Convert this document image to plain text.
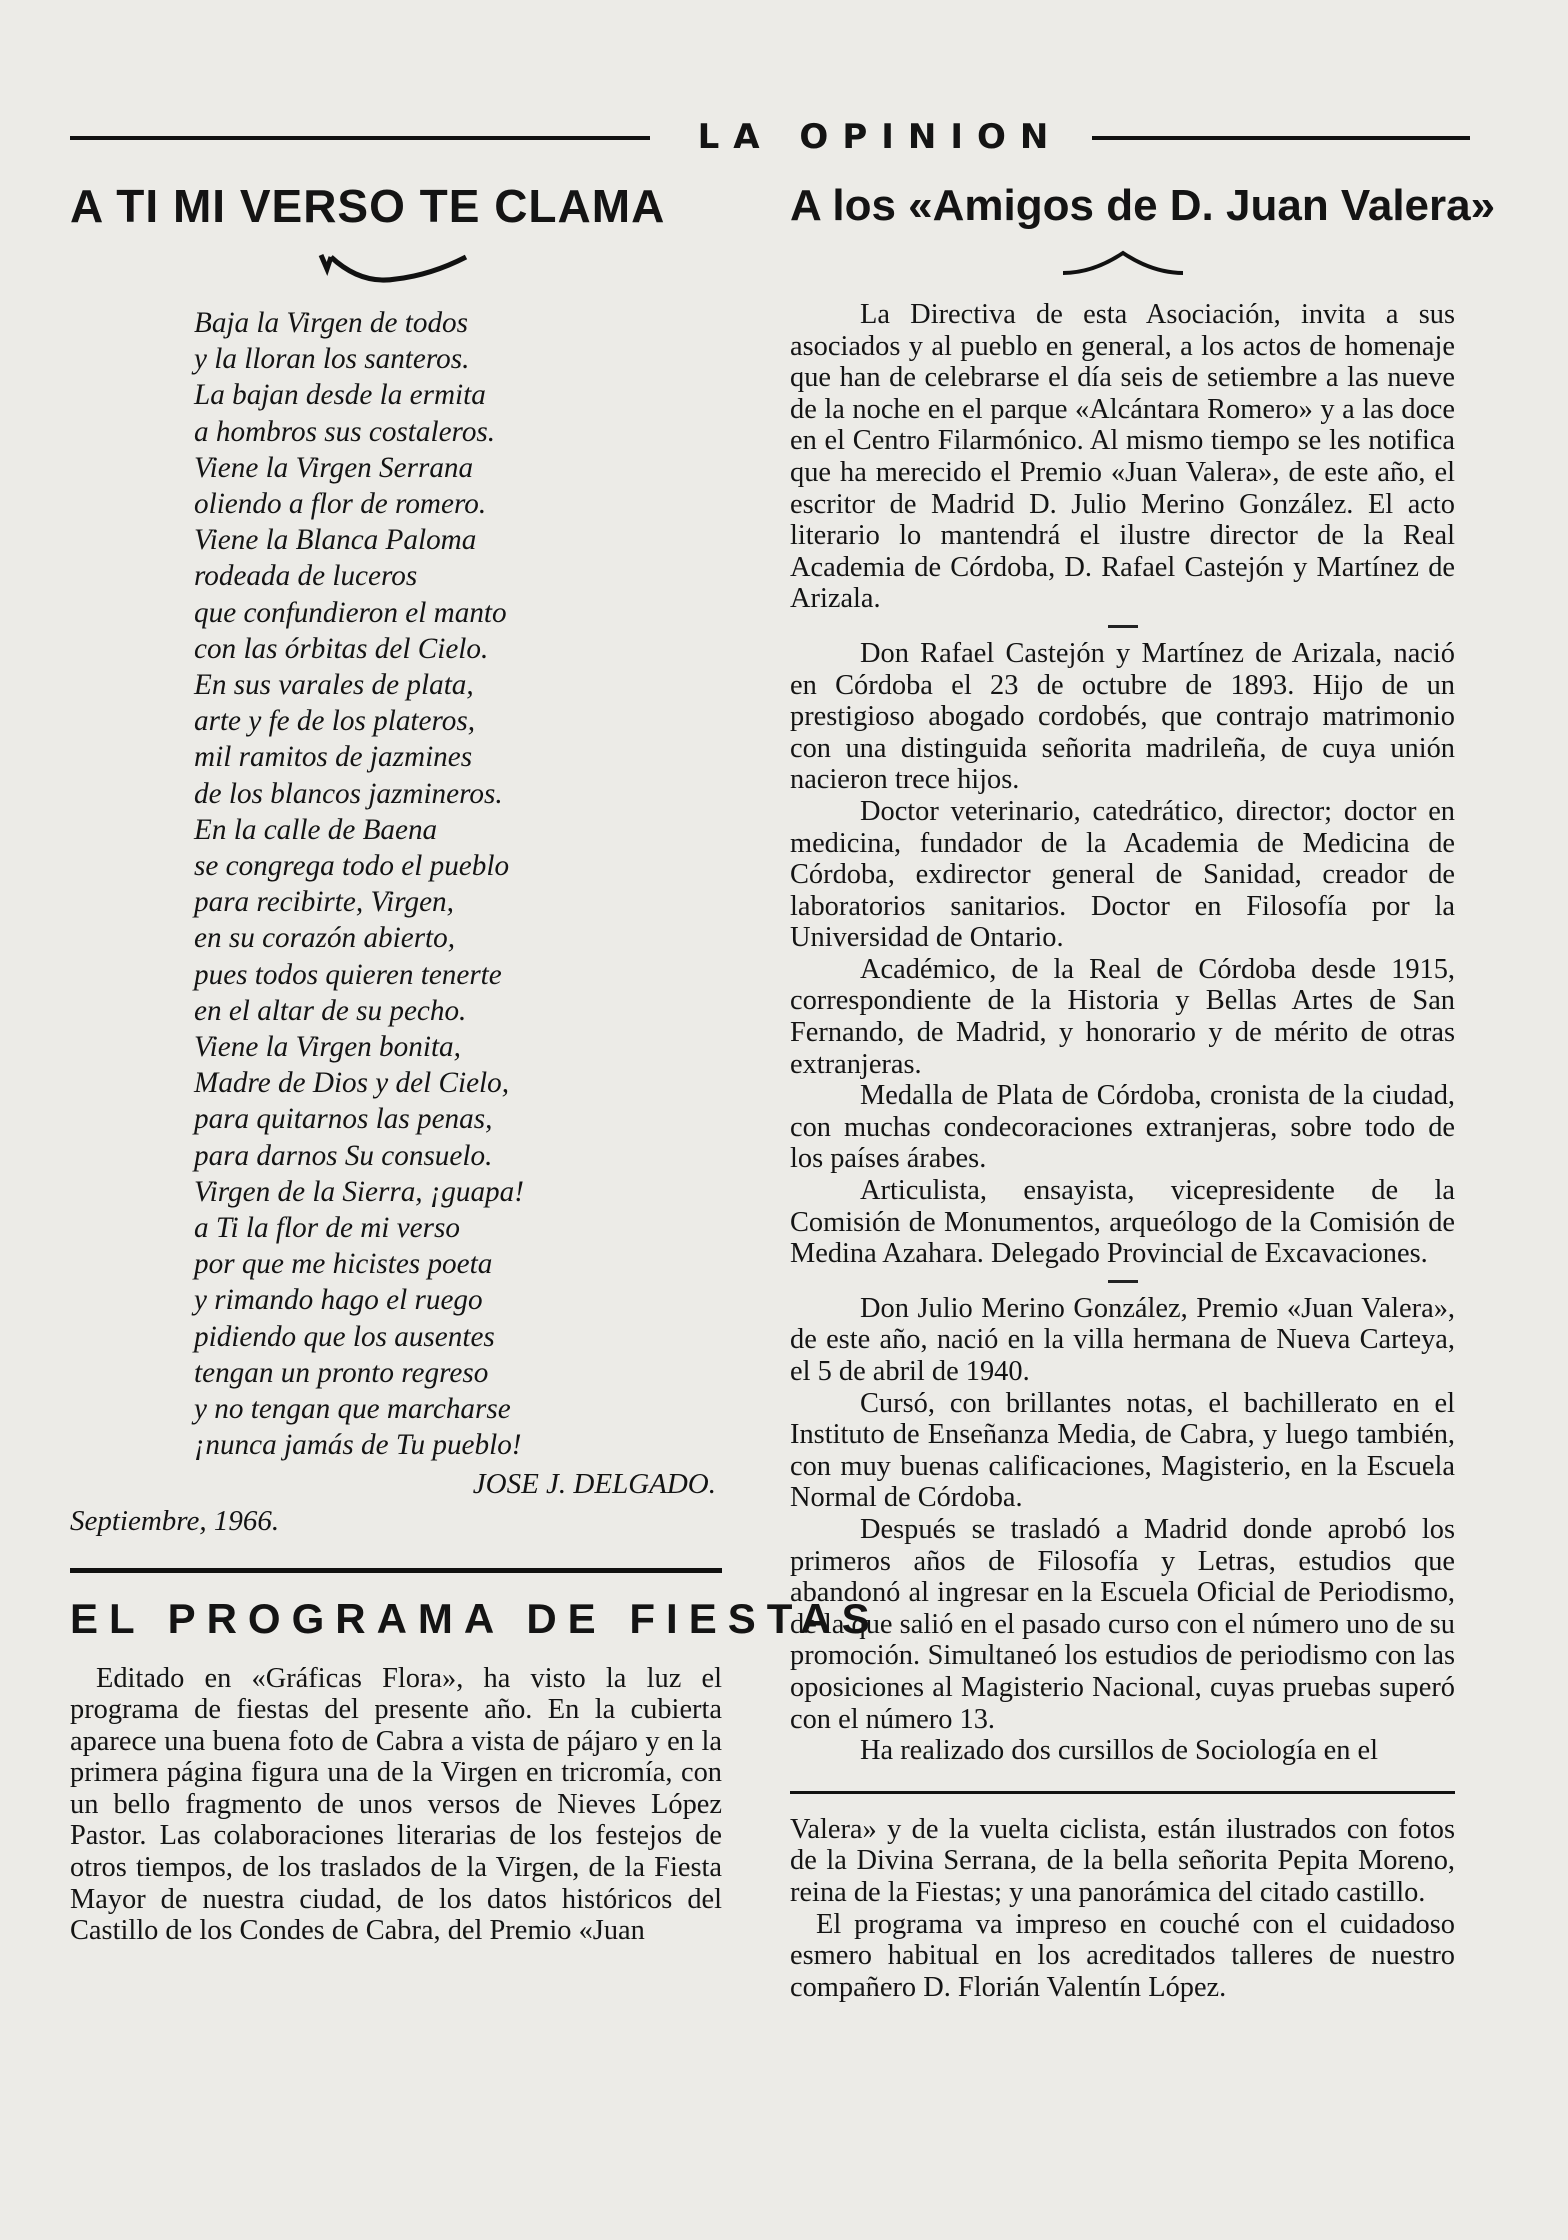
LA OPINION
A TI MI VERSO TE CLAMA
Baja la Virgen de todos
y la lloran los santeros.
La bajan desde la ermita
a hombros sus costaleros.
Viene la Virgen Serrana
oliendo a flor de romero.
Viene la Blanca Paloma
rodeada de luceros
que confundieron el manto
con las órbitas del Cielo.
En sus varales de plata,
arte y fe de los plateros,
mil ramitos de jazmines
de los blancos jazmineros.
En la calle de Baena
se congrega todo el pueblo
para recibirte, Virgen,
en su corazón abierto,
pues todos quieren tenerte
en el altar de su pecho.
Viene la Virgen bonita,
Madre de Dios y del Cielo,
para quitarnos las penas,
para darnos Su consuelo.
Virgen de la Sierra, ¡guapa!
a Ti la flor de mi verso
por que me hicistes poeta
y rimando hago el ruego
pidiendo que los ausentes
tengan un pronto regreso
y no tengan que marcharse
¡nunca jamás de Tu pueblo!
JOSE J. DELGADO.
Septiembre, 1966.
EL PROGRAMA DE FIESTAS

Editado en «Gráficas Flora», ha visto la luz el programa de fiestas del presente año. En la cubierta aparece una buena foto de Cabra a vista de pájaro y en la primera página figura una de la Virgen en tricromía, con un bello fragmento de unos versos de Nieves López Pastor. Las colaboraciones literarias de los festejos de otros tiempos, de los traslados de la Virgen, de la Fiesta Mayor de nuestra ciudad, de los datos históricos del Castillo de los Condes de Cabra, del Premio «Juan

A los «Amigos de D. Juan Valera»

La Directiva de esta Asociación, invita a sus asociados y al pueblo en general, a los actos de homenaje que han de celebrarse el día seis de setiembre a las nueve de la noche en el parque «Alcántara Romero» y a las doce en el Centro Filarmónico. Al mismo tiempo se les notifica que ha merecido el Premio «Juan Valera», de este año, el escritor de Madrid D. Julio Merino González. El acto literario lo mantendrá el ilustre director de la Real Academia de Córdoba, D. Rafael Castejón y Martínez de Arizala.

Don Rafael Castejón y Martínez de Arizala, nació en Córdoba el 23 de octubre de 1893. Hijo de un prestigioso abogado cordobés, que contrajo matrimonio con una distinguida señorita madrileña, de cuya unión nacieron trece hijos.

Doctor veterinario, catedrático, director; doctor en medicina, fundador de la Academia de Medicina de Córdoba, exdirector general de Sanidad, creador de laboratorios sanitarios. Doctor en Filosofía por la Universidad de Ontario.

Académico, de la Real de Córdoba desde 1915, correspondiente de la Historia y Bellas Artes de San Fernando, de Madrid, y honorario y de mérito de otras extranjeras.

Medalla de Plata de Córdoba, cronista de la ciudad, con muchas condecoraciones extranjeras, sobre todo de los países árabes.

Articulista, ensayista, vicepresidente de la Comisión de Monumentos, arqueólogo de la Comisión de Medina Azahara. Delegado Provincial de Excavaciones.

Don Julio Merino González, Premio «Juan Valera», de este año, nació en la villa hermana de Nueva Carteya, el 5 de abril de 1940.

Cursó, con brillantes notas, el bachillerato en el Instituto de Enseñanza Media, de Cabra, y luego también, con muy buenas calificaciones, Magisterio, en la Escuela Normal de Córdoba.

Después se trasladó a Madrid donde aprobó los primeros años de Filosofía y Letras, estudios que abandonó al ingresar en la Escuela Oficial de Periodismo, de la que salió en el pasado curso con el número uno de su promoción. Simultaneó los estudios de periodismo con las oposiciones al Magisterio Nacional, cuyas pruebas superó con el número 13.

Ha realizado dos cursillos de Sociología en el

Valera» y de la vuelta ciclista, están ilustrados con fotos de la Divina Serrana, de la bella señorita Pepita Moreno, reina de la Fiestas; y una panorámica del citado castillo.

El programa va impreso en couché con el cuidadoso esmero habitual en los acreditados talleres de nuestro compañero D. Florián Valentín López.
